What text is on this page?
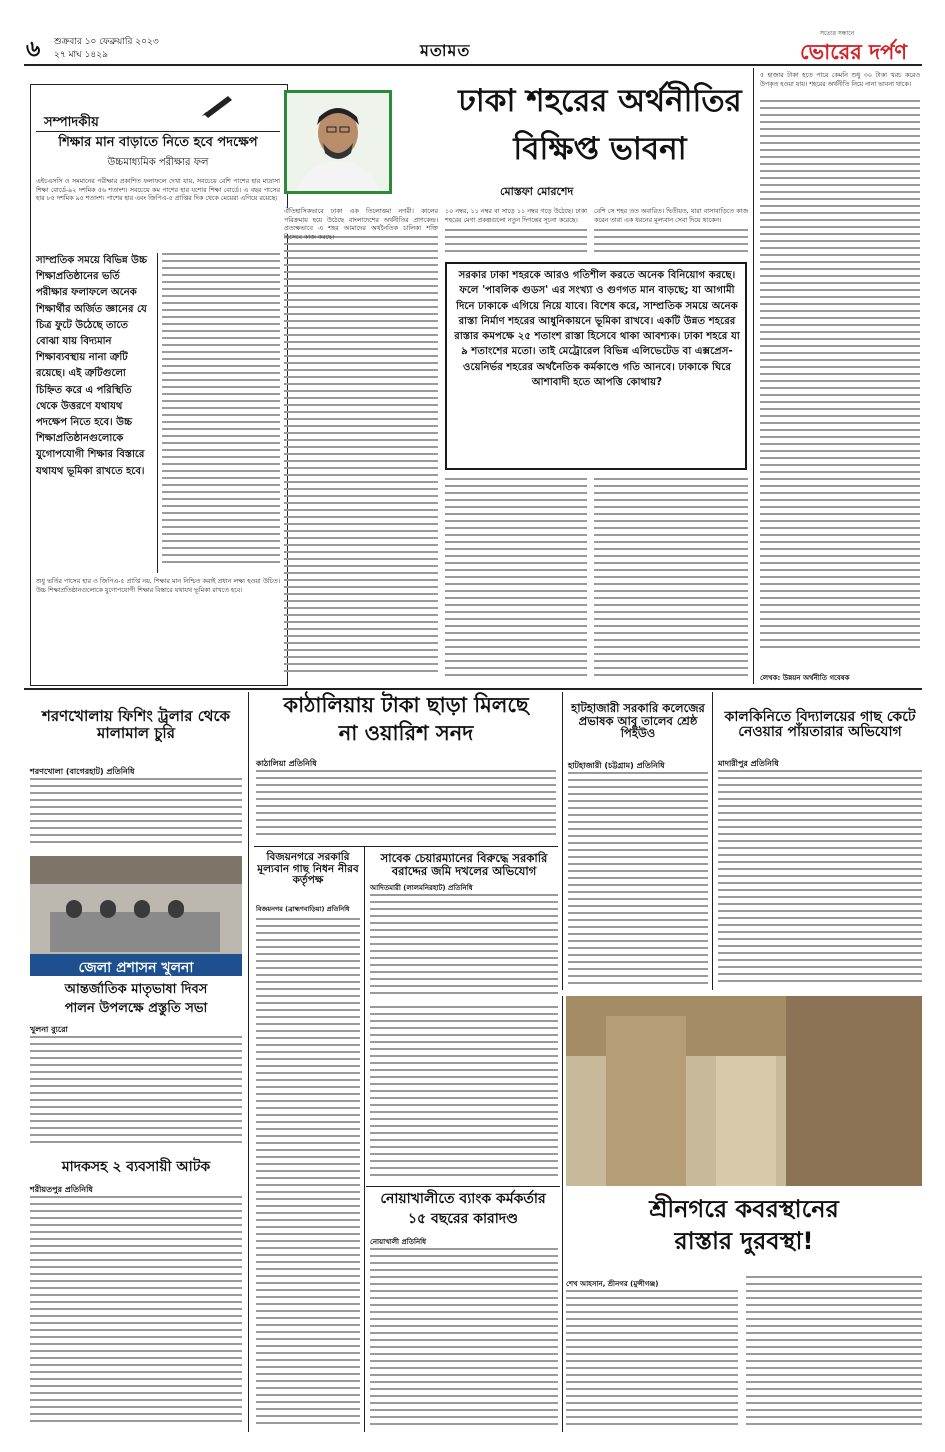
৬ শুক্রবার ১০ ফেব্রুয়ারি ২০২৩
২৭ মাঘ ১৪২৯	মতামত
সত্যের সন্ধানে
ভোরের দর্পণ
সম্পাদকীয়
শিক্ষার মান বাড়াতে নিতে হবে পদক্ষেপ
উচ্চমাধ্যমিক পরীক্ষার ফল
এইচএসসি ও সমমানের পরীক্ষার প্রকাশিত ফলাফলে দেখা যায়, সবচেয়ে বেশি পাশের হার মাদ্রাসা শিক্ষা বোর্ডে-৯২ দশমিক ৫৬ শতাংশ। সবচেয়ে কম পাশের হার যশোর শিক্ষা বোর্ডে। এ বছর পাসের হার ৮৫ দশমিক ৯৫ শতাংশ। পাশের হার এবং জিপিএ-৫ প্রাপ্তির দিক থেকে মেয়েরা এগিয়ে রয়েছে।
সাম্প্রতিক সময়ে বিভিন্ন উচ্চ শিক্ষাপ্রতিষ্ঠানের ভর্তি পরীক্ষার ফলাফলে অনেক শিক্ষার্থীর অর্জিত জ্ঞানের যে চিত্র ফুটে উঠেছে তাতে বোঝা যায় বিদ্যমান শিক্ষাব্যবস্থায় নানা ত্রুটি রয়েছে। এই ত্রুটিগুলো চিহ্নিত করে এ পরিস্থিতি থেকে উত্তরণে যথাযথ পদক্ষেপ নিতে হবে। উচ্চ শিক্ষাপ্রতিষ্ঠানগুলোকে যুগোপযোগী শিক্ষার বিস্তারে যথাযথ ভূমিকা রাখতে হবে।
শুধু ভর্তির পাসের হার ও জিপিএ-৫ প্রাপ্তি নয়, শিক্ষার মান নিশ্চিত করাই প্রধান লক্ষ্য হওয়া উচিত। উচ্চ শিক্ষাপ্রতিষ্ঠানগুলোকে যুগোপযোগী শিক্ষার বিস্তারে যথাযথ ভূমিকা রাখতে হবে।
ঢাকা শহরের অর্থনীতির
বিক্ষিপ্ত ভাবনা
মোস্তফা মোরশেদ
ঐতিহাসিকভাবে ঢাকা এক তিলোত্তমা নগরী। কালের পরিক্রমায় হয়ে উঠেছে বাংলাদেশের অর্থনীতির প্রাণকেন্দ্র। প্রত্যক্ষভাবে এ শহর আমাদের অর্থনৈতিক চালিকা শক্তি হিসেবে কাজ করছে।
১০ নম্বর, ১১ নম্বর বা সাড়ে ১১ নম্বর গড়ে উঠেছে। ঢাকা শহরের মেগা প্রকল্পগুলো নতুন দিগন্তের সূচনা করেছে।
বেশি সে শহর তত অবারিত। দ্বিতীয়ত, যারা বাসাবাড়িতে কাজ করেন তারা এক ধরনের মূল্যবান সেবা দিয়ে থাকেন।
সরকার ঢাকা শহরকে আরও গতিশীল করতে অনেক বিনিয়োগ করছে। ফলে 'পাবলিক গুডস' এর সংখ্যা ও গুণগত মান বাড়ছে; যা আগামী দিনে ঢাকাকে এগিয়ে নিয়ে যাবে। বিশেষ করে, সাম্প্রতিক সময়ে অনেক রাস্তা নির্মাণ শহরের আধুনিকায়নে ভূমিকা রাখবে। একটি উন্নত শহরের রাস্তার কমপক্ষে ২৫ শতাংশ রাস্তা হিসেবে থাকা আবশ্যক। ঢাকা শহরে যা ৯ শতাংশের মতো। তাই মেট্রোরেল বিভিন্ন এলিভেটেড বা এক্সপ্রেস-ওয়েনির্ভর শহরের অর্থনৈতিক কর্মকাণ্ডে গতি আনবে। ঢাকাকে ঘিরে আশাবাদী হতে আপত্তি কোথায়?
৫ হাজার টাকা হতে পারে কেমনি শুধু ৩০ টাকা খরচ করেও উপকৃত হওয়া যায়। শহরের অর্থনীতি নিয়ে নানা ভাবনা থাকে।
লেখক: উন্নয়ন অর্থনীতি গবেষক
শরণখোলায় ফিশিং ট্রলার থেকে মালামাল চুরি
শরণখোলা (বাগেরহাট) প্রতিনিধি
জেলা প্রশাসন খুলনা
আন্তর্জাতিক মাতৃভাষা দিবস
পালন উপলক্ষে প্রস্তুতি সভা
খুলনা ব্যুরো
মাদকসহ ২ ব্যবসায়ী আটক
শরীয়তপুর প্রতিনিধি
কাঠালিয়ায় টাকা ছাড়া মিলছে
না ওয়ারিশ সনদ
কাঠালিয়া প্রতিনিধি
হাটহাজারী সরকারি কলেজের প্রভাষক আবু তালেব শ্রেষ্ঠ পিইউও
হাটহাজারী (চট্টগ্রাম) প্রতিনিধি
কালকিনিতে বিদ্যালয়ের গাছ কেটে নেওয়ার পাঁয়তারার অভিযোগ
মাদারীপুর প্রতিনিধি
বিজয়নগরে সরকারি মূল্যবান গাছ নিধন নীরব কর্তৃপক্ষ
বিজয়নগর (ব্রাহ্মণবাড়িয়া) প্রতিনিধি
সাবেক চেয়ারম্যানের বিরুদ্ধে সরকারি বরাদ্দের জমি দখলের অভিযোগ
আদিতমারী (লালমনিরহাট) প্রতিনিধি
শ্রীনগরে কবরস্থানের
রাস্তার দুরবস্থা!
শেখ আহসান, শ্রীনগর (মুন্সীগঞ্জ)
নোয়াখালীতে ব্যাংক কর্মকর্তার
১৫ বছরের কারাদণ্ড
নোয়াখালী প্রতিনিধি
